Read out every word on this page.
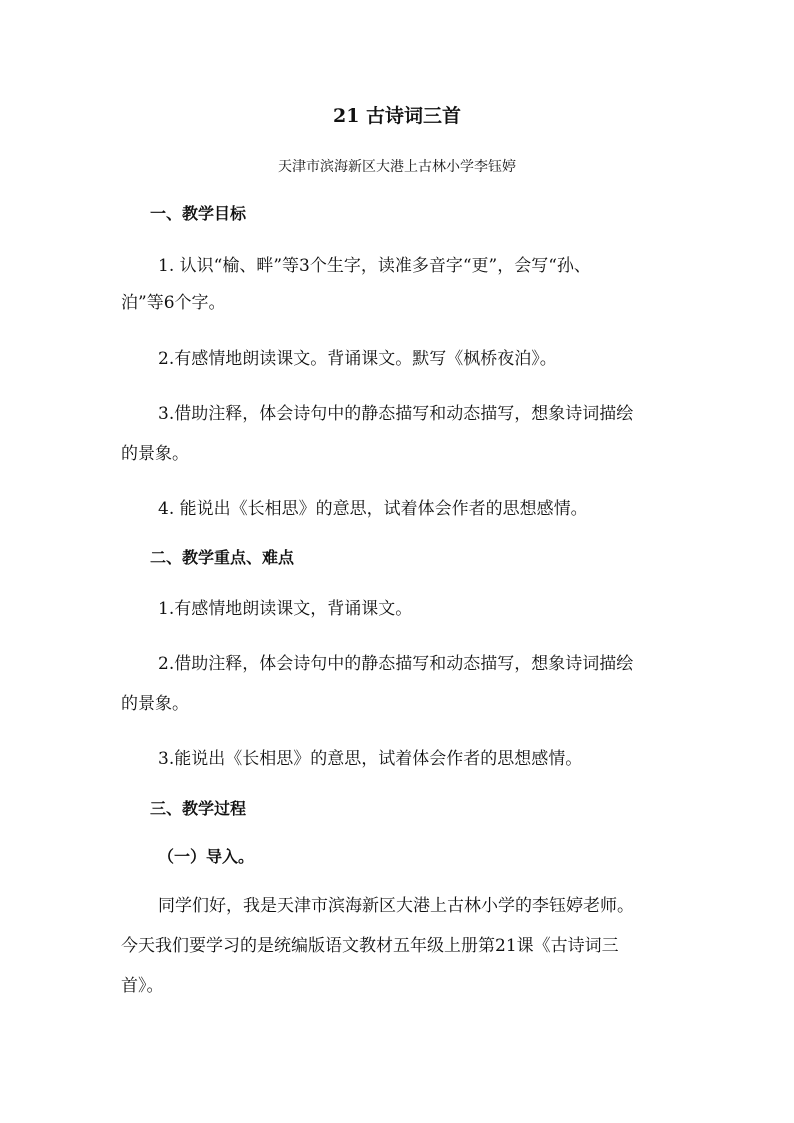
21 古诗词三首
天津市滨海新区大港上古林小学李钰婷
一、教学目标
1. 认识“榆、畔”等3个生字，读准多音字“更”，会写“孙、
泊”等6个字。
2.有感情地朗读课文。背诵课文。默写《枫桥夜泊》。
3.借助注释，体会诗句中的静态描写和动态描写，想象诗词描绘
的景象。
4. 能说出《长相思》的意思，试着体会作者的思想感情。
二、教学重点、难点
1.有感情地朗读课文，背诵课文。
2.借助注释，体会诗句中的静态描写和动态描写，想象诗词描绘
的景象。
3.能说出《长相思》的意思，试着体会作者的思想感情。
三、教学过程
（一）导入。
同学们好，我是天津市滨海新区大港上古林小学的李钰婷老师。
今天我们要学习的是统编版语文教材五年级上册第21课《古诗词三
首》。
